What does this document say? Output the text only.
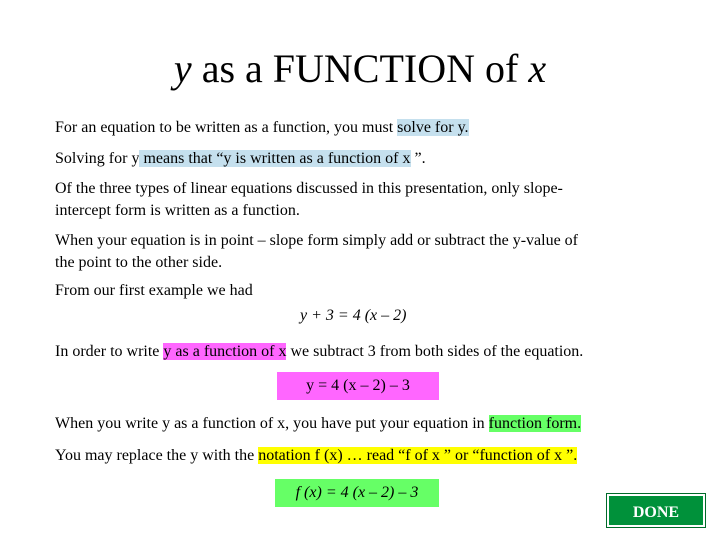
y as a FUNCTION of x
For an equation to be written as a function, you must solve for y.
Solving for y means that “y is written as a function of x ”.
Of the three types of linear equations discussed in this presentation, only slope-
intercept form is written as a function.
When your equation is in point – slope form simply add or subtract the y-value of
the point to the other side.
From our first example we had
y + 3 = 4 (x – 2)
In order to write y as a function of x we subtract 3 from both sides of the equation.
y = 4 (x – 2) – 3
When you write y as a function of x, you have put your equation in function form.
You may replace the y with the notation f (x) … read “f of x ” or “function of x ”.
f (x) = 4 (x – 2) – 3
DONE
